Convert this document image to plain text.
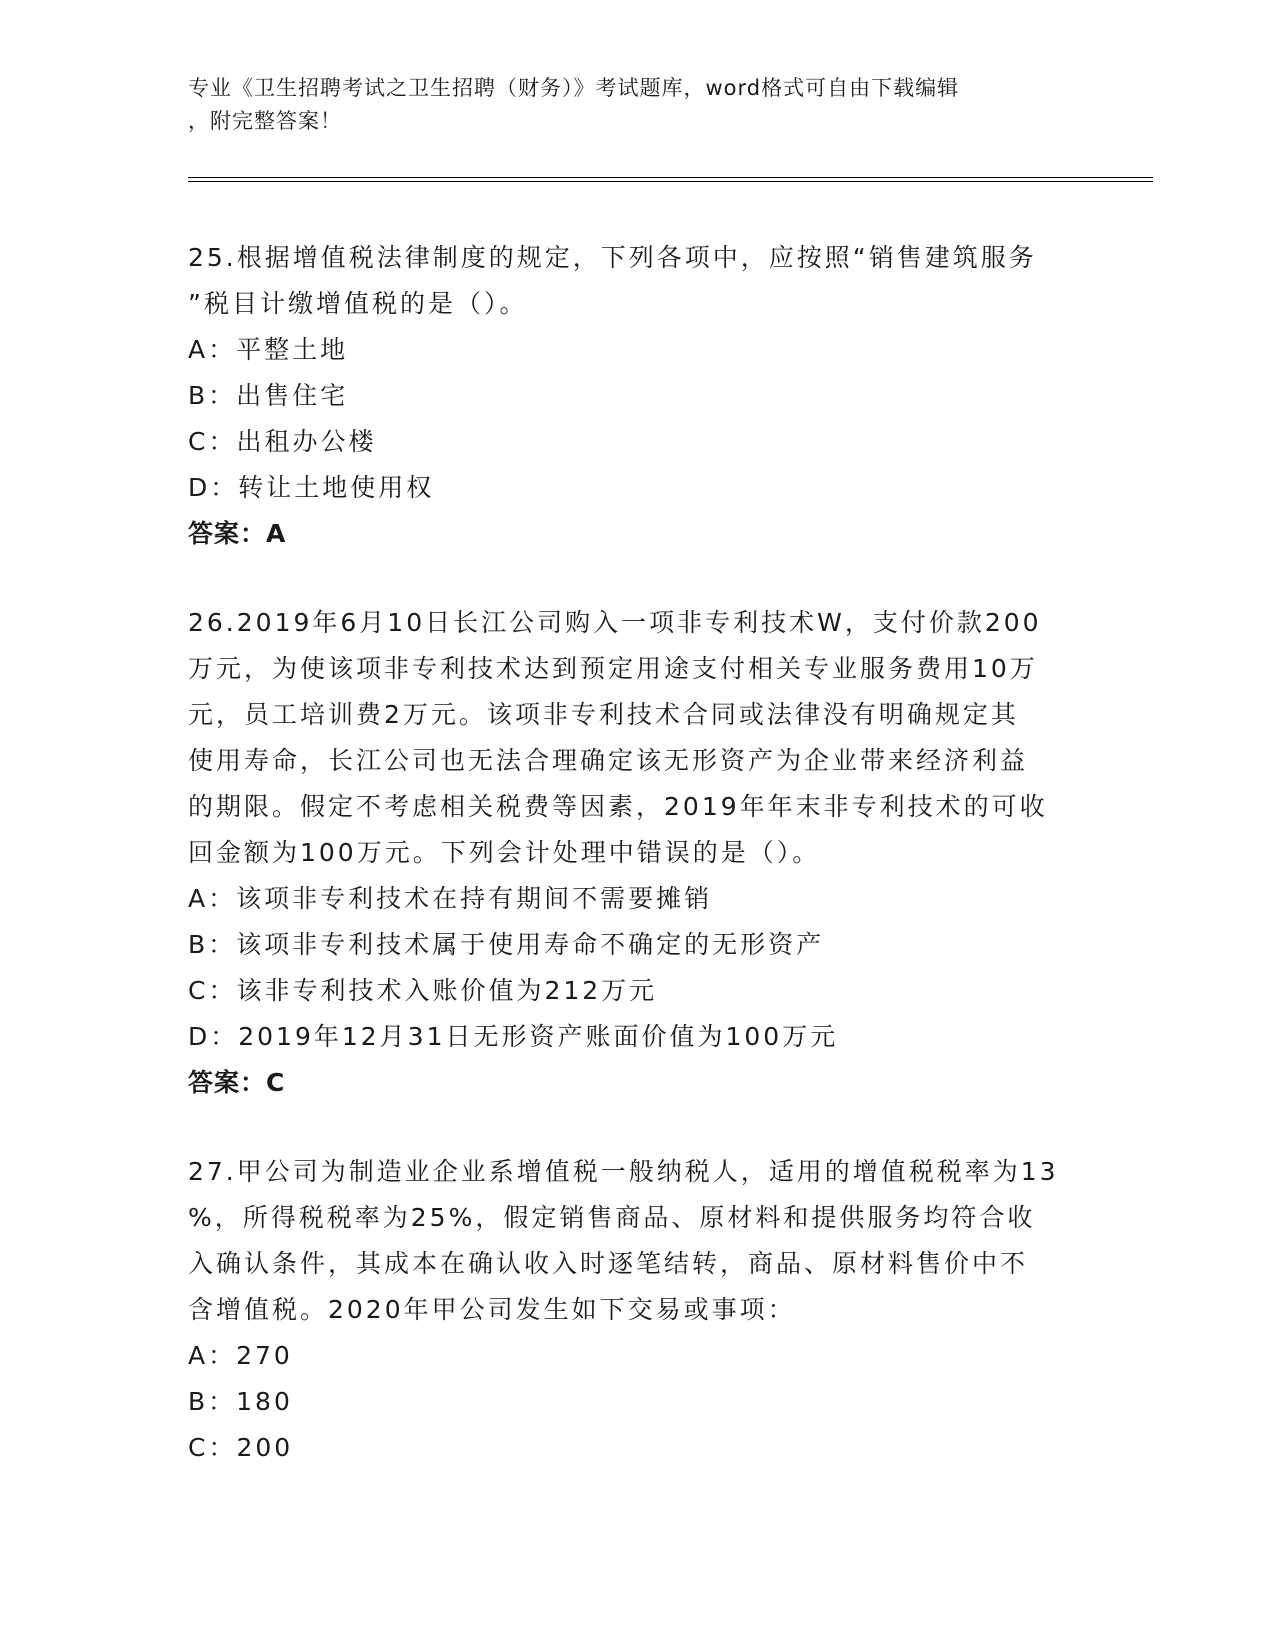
专业《卫生招聘考试之卫生招聘（财务）》考试题库，word格式可自由下载编辑
，附完整答案！

25.根据增值税法律制度的规定，下列各项中，应按照“销售建筑服务

”税目计缴增值税的是（）。

A：平整土地

B：出售住宅

C：出租办公楼

D：转让土地使用权

答案：A

26.2019年6月10日长江公司购入一项非专利技术W，支付价款200

万元，为使该项非专利技术达到预定用途支付相关专业服务费用10万

元，员工培训费2万元。该项非专利技术合同或法律没有明确规定其

使用寿命，长江公司也无法合理确定该无形资产为企业带来经济利益

的期限。假定不考虑相关税费等因素，2019年年末非专利技术的可收

回金额为100万元。下列会计处理中错误的是（）。

A：该项非专利技术在持有期间不需要摊销

B：该项非专利技术属于使用寿命不确定的无形资产

C：该非专利技术入账价值为212万元

D：2019年12月31日无形资产账面价值为100万元

答案：C

27.甲公司为制造业企业系增值税一般纳税人，适用的增值税税率为13

%，所得税税率为25%，假定销售商品、原材料和提供服务均符合收

入确认条件，其成本在确认收入时逐笔结转，商品、原材料售价中不

含增值税。2020年甲公司发生如下交易或事项：

A：270

B：180

C：200
